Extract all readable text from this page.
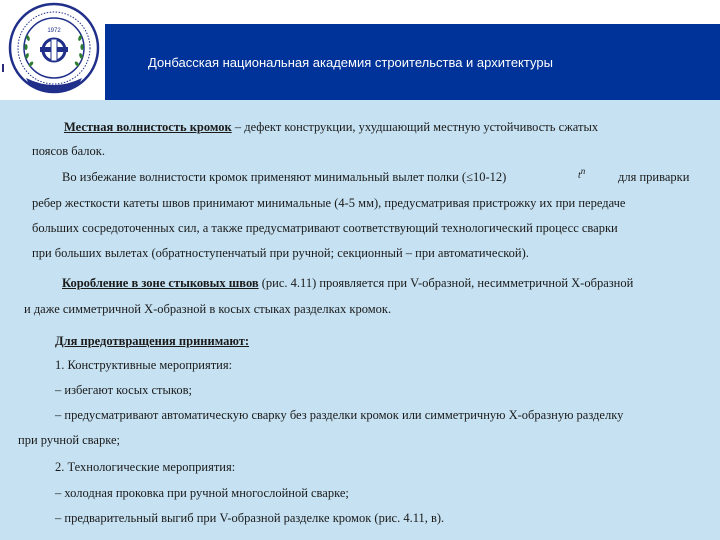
Донбасская национальная академия строительства и архитектуры
1972
Местная волнистость кромок – дефект конструкции, ухудшающий местную устойчивость сжатых
поясов балок.
Во избежание волнистости кромок применяют минимальный вылет полки (≤10-12)	$t^п$	для приварки
ребер жесткости катеты швов принимают минимальные (4-5 мм), предусматривая пристрожку их при передаче
больших сосредоточенных сил, а также предусматривают соответствующий технологический процесс сварки
при больших вылетах (обратноступенчатый при ручной; секционный – при автоматической).
Коробление в зоне стыковых швов (рис. 4.11) проявляется при V-образной, несимметричной Х-образной
и даже симметричной Х-образной в косых стыках разделках кромок.
Для предотвращения принимают:
1. Конструктивные мероприятия:
– избегают косых стыков;
– предусматривают автоматическую сварку без разделки кромок или симметричную Х-образную разделку
при ручной сварке;
2. Технологические мероприятия:
– холодная проковка при ручной многослойной сварке;
– предварительный выгиб при V-образной разделке кромок (рис. 4.11, в).
